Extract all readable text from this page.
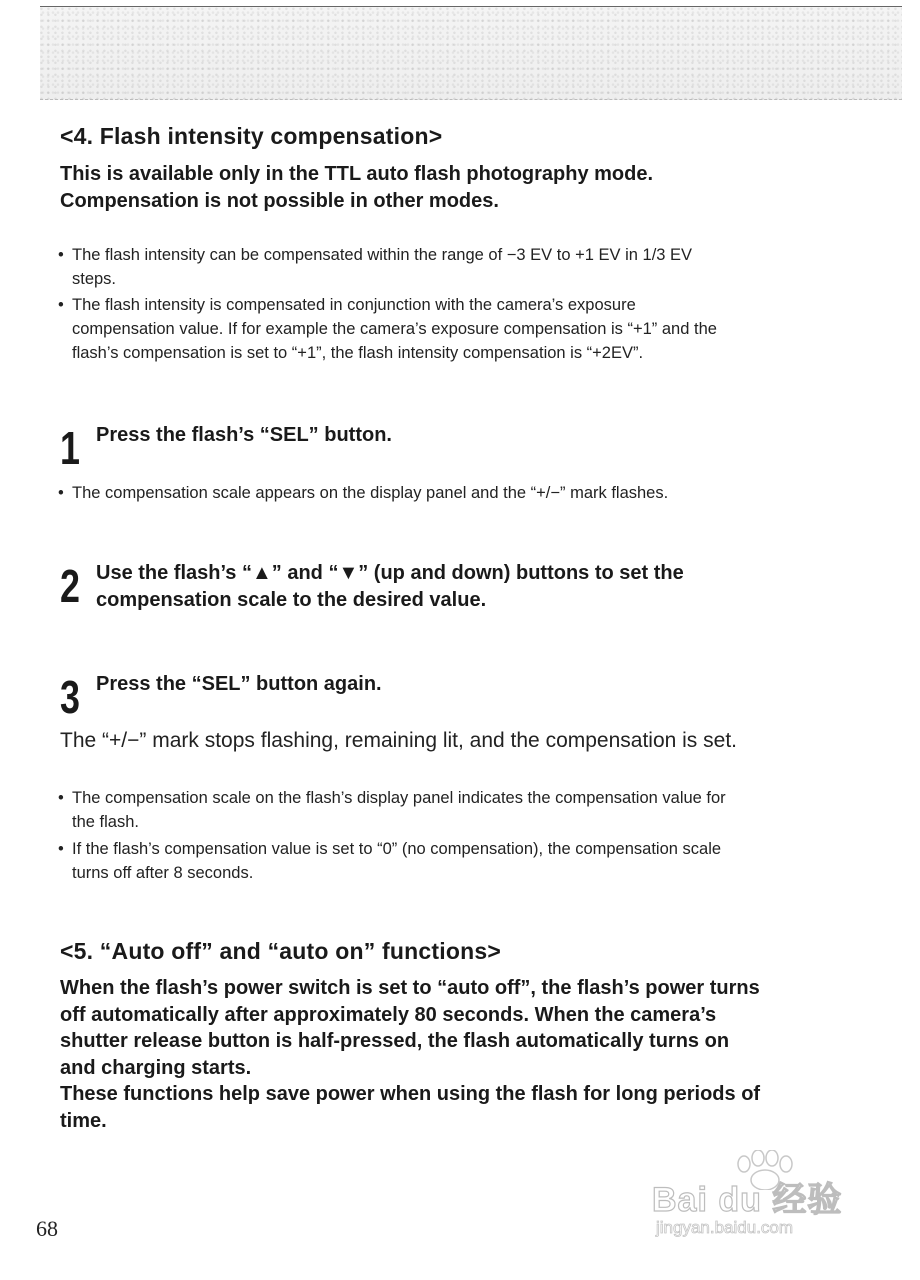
<4. Flash intensity compensation>
This is available only in the TTL auto flash photography mode.
Compensation is not possible in other modes.
• The flash intensity can be compensated within the range of −3 EV to +1 EV in 1/3 EV
steps.
• The flash intensity is compensated in conjunction with the camera’s exposure
compensation value. If for example the camera’s exposure compensation is “+1” and the
flash’s compensation is set to “+1”, the flash intensity compensation is “+2EV”.
1 Press the flash’s “SEL” button.
• The compensation scale appears on the display panel and the “+/−” mark flashes.
2 Use the flash’s “▲” and “▼” (up and down) buttons to set the
compensation scale to the desired value.
3 Press the “SEL” button again.

The “+/−” mark stops flashing, remaining lit, and the compensation is set.

• The compensation scale on the flash’s display panel indicates the compensation value for
the flash.
• If the flash’s compensation value is set to “0” (no compensation), the compensation scale
turns off after 8 seconds.
<5. “Auto off” and “auto on” functions>
When the flash’s power switch is set to “auto off”, the flash’s power turns
off automatically after approximately 80 seconds. When the camera’s
shutter release button is half-pressed, the flash automatically turns on
and charging starts.
These functions help save power when using the flash for long periods of
time.
68
Bai du 经验
jingyan.baidu.com
